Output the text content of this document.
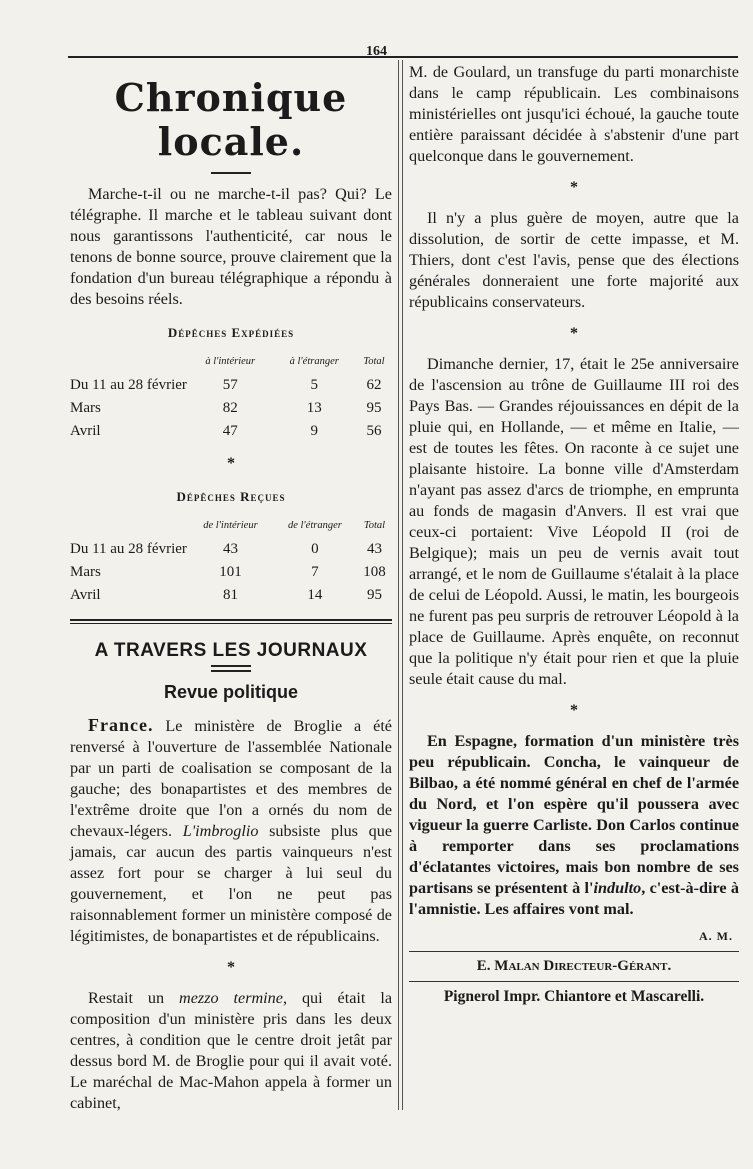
164
Chronique locale.

Marche-t-il ou ne marche-t-il pas? Qui? Le télégraphe. Il marche et le tableau suivant dont nous garantissons l'authenticité, car nous le tenons de bonne source, prouve clairement que la fondation d'un bureau télégraphique a répondu à des besoins réels.

Dépêches Expédiées
	à l'intérieur	à l'étranger	Total
Du 11 au 28 février	57	5	62
Mars	82	13	95
Avril	47	9	56
*
Dépêches Reçues
	de l'intérieur	de l'étranger	Total
Du 11 au 28 février	43	0	43
Mars	101	7	108
Avril	81	14	95
A TRAVERS LES JOURNAUX
Revue politique

France. Le ministère de Broglie a été renversé à l'ouverture de l'assemblée Nationale par un parti de coalisation se composant de la gauche; des bonapartistes et des membres de l'extrême droite que l'on a ornés du nom de chevaux-légers. L'imbroglio subsiste plus que jamais, car aucun des partis vainqueurs n'est assez fort pour se charger à lui seul du gouvernement, et l'on ne peut pas raisonnablement former un ministère composé de légitimistes, de bonapartistes et de républicains.

*

Restait un mezzo termine, qui était la composition d'un ministère pris dans les deux centres, à condition que le centre droit jetât par dessus bord M. de Broglie pour qui il avait voté. Le maréchal de Mac-Mahon appela à former un cabinet,

M. de Goulard, un transfuge du parti monarchiste dans le camp républicain. Les combinaisons ministérielles ont jusqu'ici échoué, la gauche toute entière paraissant décidée à s'abstenir d'une part quelconque dans le gouvernement.

*

Il n'y a plus guère de moyen, autre que la dissolution, de sortir de cette impasse, et M. Thiers, dont c'est l'avis, pense que des élections générales donneraient une forte majorité aux républicains conservateurs.

*

Dimanche dernier, 17, était le 25e anniversaire de l'ascension au trône de Guillaume III roi des Pays Bas. — Grandes réjouissances en dépit de la pluie qui, en Hollande, — et même en Italie, — est de toutes les fêtes. On raconte à ce sujet une plaisante histoire. La bonne ville d'Amsterdam n'ayant pas assez d'arcs de triomphe, en emprunta au fonds de magasin d'Anvers. Il est vrai que ceux-ci portaient: Vive Léopold II (roi de Belgique); mais un peu de vernis avait tout arrangé, et le nom de Guillaume s'étalait à la place de celui de Léopold. Aussi, le matin, les bourgeois ne furent pas peu surpris de retrouver Léopold à la place de Guillaume. Après enquête, on reconnut que la politique n'y était pour rien et que la pluie seule était cause du mal.

*

En Espagne, formation d'un ministère très peu républicain. Concha, le vainqueur de Bilbao, a été nommé général en chef de l'armée du Nord, et l'on espère qu'il poussera avec vigueur la guerre Carliste. Don Carlos continue à remporter dans ses proclamations d'éclatantes victoires, mais bon nombre de ses partisans se présentent à l'indulto, c'est-à-dire à l'amnistie. Les affaires vont mal.

A. M.
E. Malan Directeur-Gérant.
Pignerol Impr. Chiantore et Mascarelli.
